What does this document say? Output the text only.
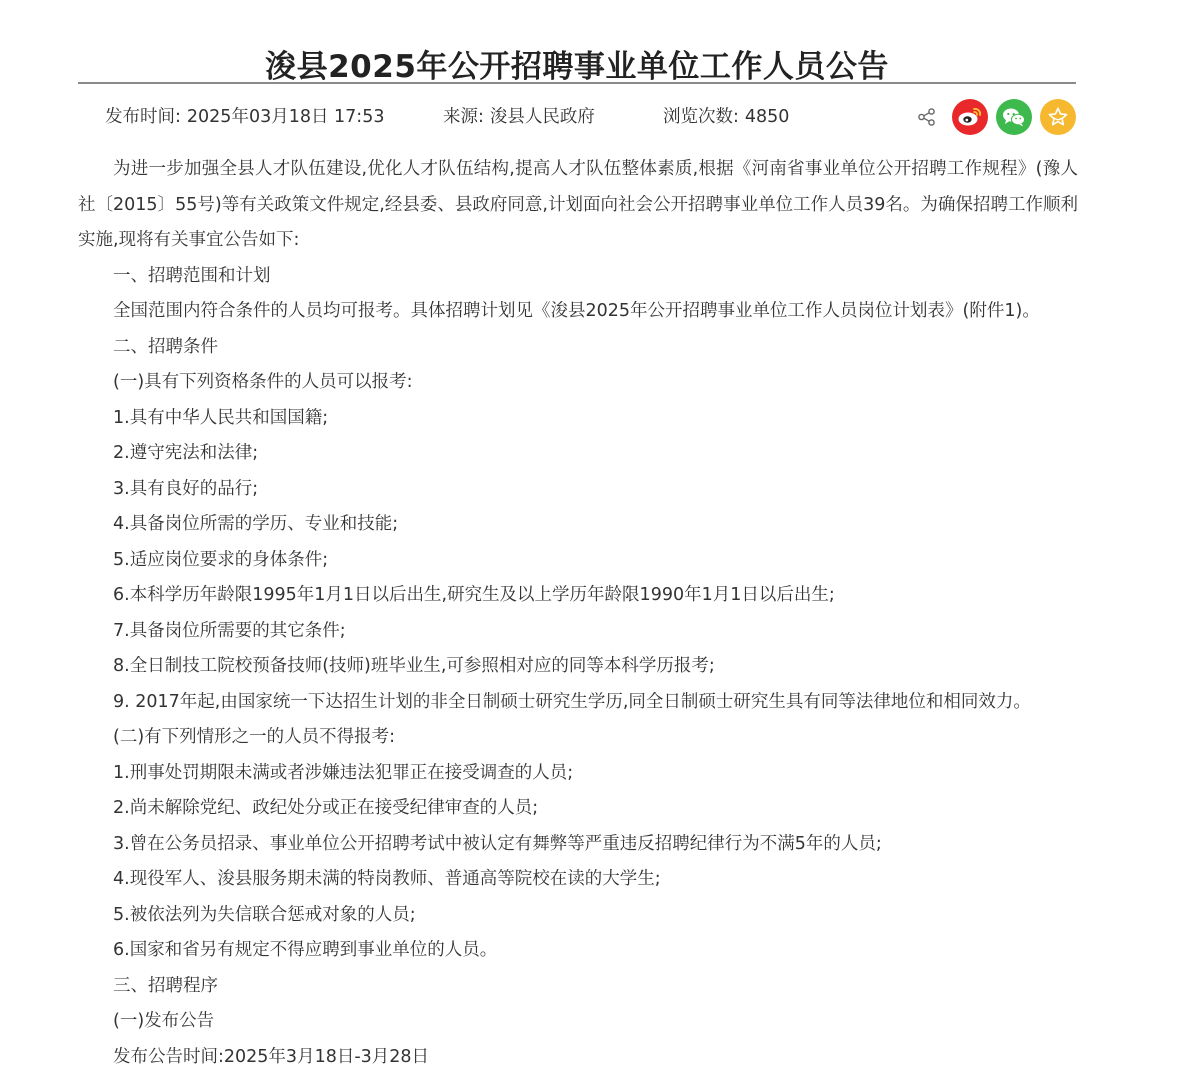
浚县2025年公开招聘事业单位工作人员公告
发布时间: 2025年03月18日 17:53	来源: 浚县人民政府	浏览次数: 4850

为进一步加强全县人才队伍建设,优化人才队伍结构,提高人才队伍整体素质,根据《河南省事业单位公开招聘工作规程》(豫人社〔2015〕55号)等有关政策文件规定,经县委、县政府同意,计划面向社会公开招聘事业单位工作人员39名。为确保招聘工作顺利实施,现将有关事宜公告如下:

一、招聘范围和计划

全国范围内符合条件的人员均可报考。具体招聘计划见《浚县2025年公开招聘事业单位工作人员岗位计划表》(附件1)。

二、招聘条件

(一)具有下列资格条件的人员可以报考:

1.具有中华人民共和国国籍;

2.遵守宪法和法律;

3.具有良好的品行;

4.具备岗位所需的学历、专业和技能;

5.适应岗位要求的身体条件;

6.本科学历年龄限1995年1月1日以后出生,研究生及以上学历年龄限1990年1月1日以后出生;

7.具备岗位所需要的其它条件;

8.全日制技工院校预备技师(技师)班毕业生,可参照相对应的同等本科学历报考;

9. 2017年起,由国家统一下达招生计划的非全日制硕士研究生学历,同全日制硕士研究生具有同等法律地位和相同效力。

(二)有下列情形之一的人员不得报考:

1.刑事处罚期限未满或者涉嫌违法犯罪正在接受调查的人员;

2.尚未解除党纪、政纪处分或正在接受纪律审查的人员;

3.曾在公务员招录、事业单位公开招聘考试中被认定有舞弊等严重违反招聘纪律行为不满5年的人员;

4.现役军人、浚县服务期未满的特岗教师、普通高等院校在读的大学生;

5.被依法列为失信联合惩戒对象的人员;

6.国家和省另有规定不得应聘到事业单位的人员。

三、招聘程序

(一)发布公告

发布公告时间:2025年3月18日-3月28日
